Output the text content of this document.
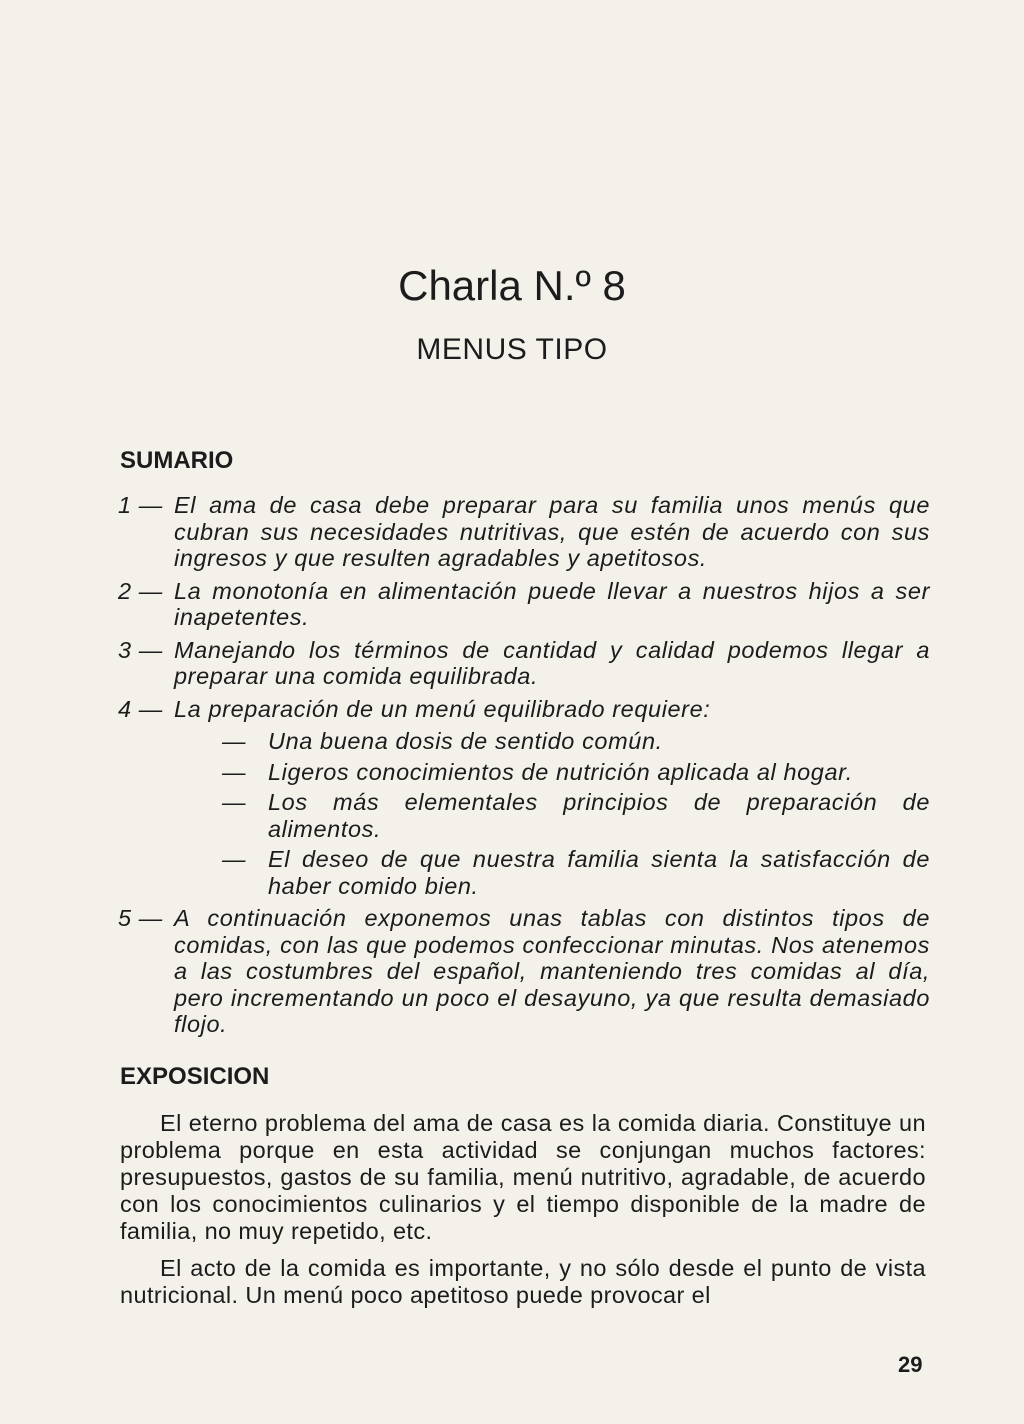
Charla N.º 8
MENUS TIPO
SUMARIO
1 — El ama de casa debe preparar para su familia unos menús que cubran sus necesidades nutritivas, que estén de acuerdo con sus ingresos y que resulten agradables y apetitosos.
2 — La monotonía en alimentación puede llevar a nuestros hijos a ser inapetentes.
3 — Manejando los términos de cantidad y calidad podemos llegar a preparar una comida equilibrada.
4 — La preparación de un menú equilibrado requiere:
— Una buena dosis de sentido común.
— Ligeros conocimientos de nutrición aplicada al hogar.
— Los más elementales principios de preparación de alimentos.
— El deseo de que nuestra familia sienta la satisfacción de haber comido bien.
5 — A continuación exponemos unas tablas con distintos tipos de comidas, con las que podemos confeccionar minutas. Nos atenemos a las costumbres del español, manteniendo tres comidas al día, pero incrementando un poco el desayuno, ya que resulta demasiado flojo.
EXPOSICION

El eterno problema del ama de casa es la comida diaria. Constituye un problema porque en esta actividad se conjungan muchos factores: presupuestos, gastos de su familia, menú nutritivo, agradable, de acuerdo con los conocimientos culinarios y el tiempo disponible de la madre de familia, no muy repetido, etc.

El acto de la comida es importante, y no sólo desde el punto de vista nutricional. Un menú poco apetitoso puede provocar el

29
